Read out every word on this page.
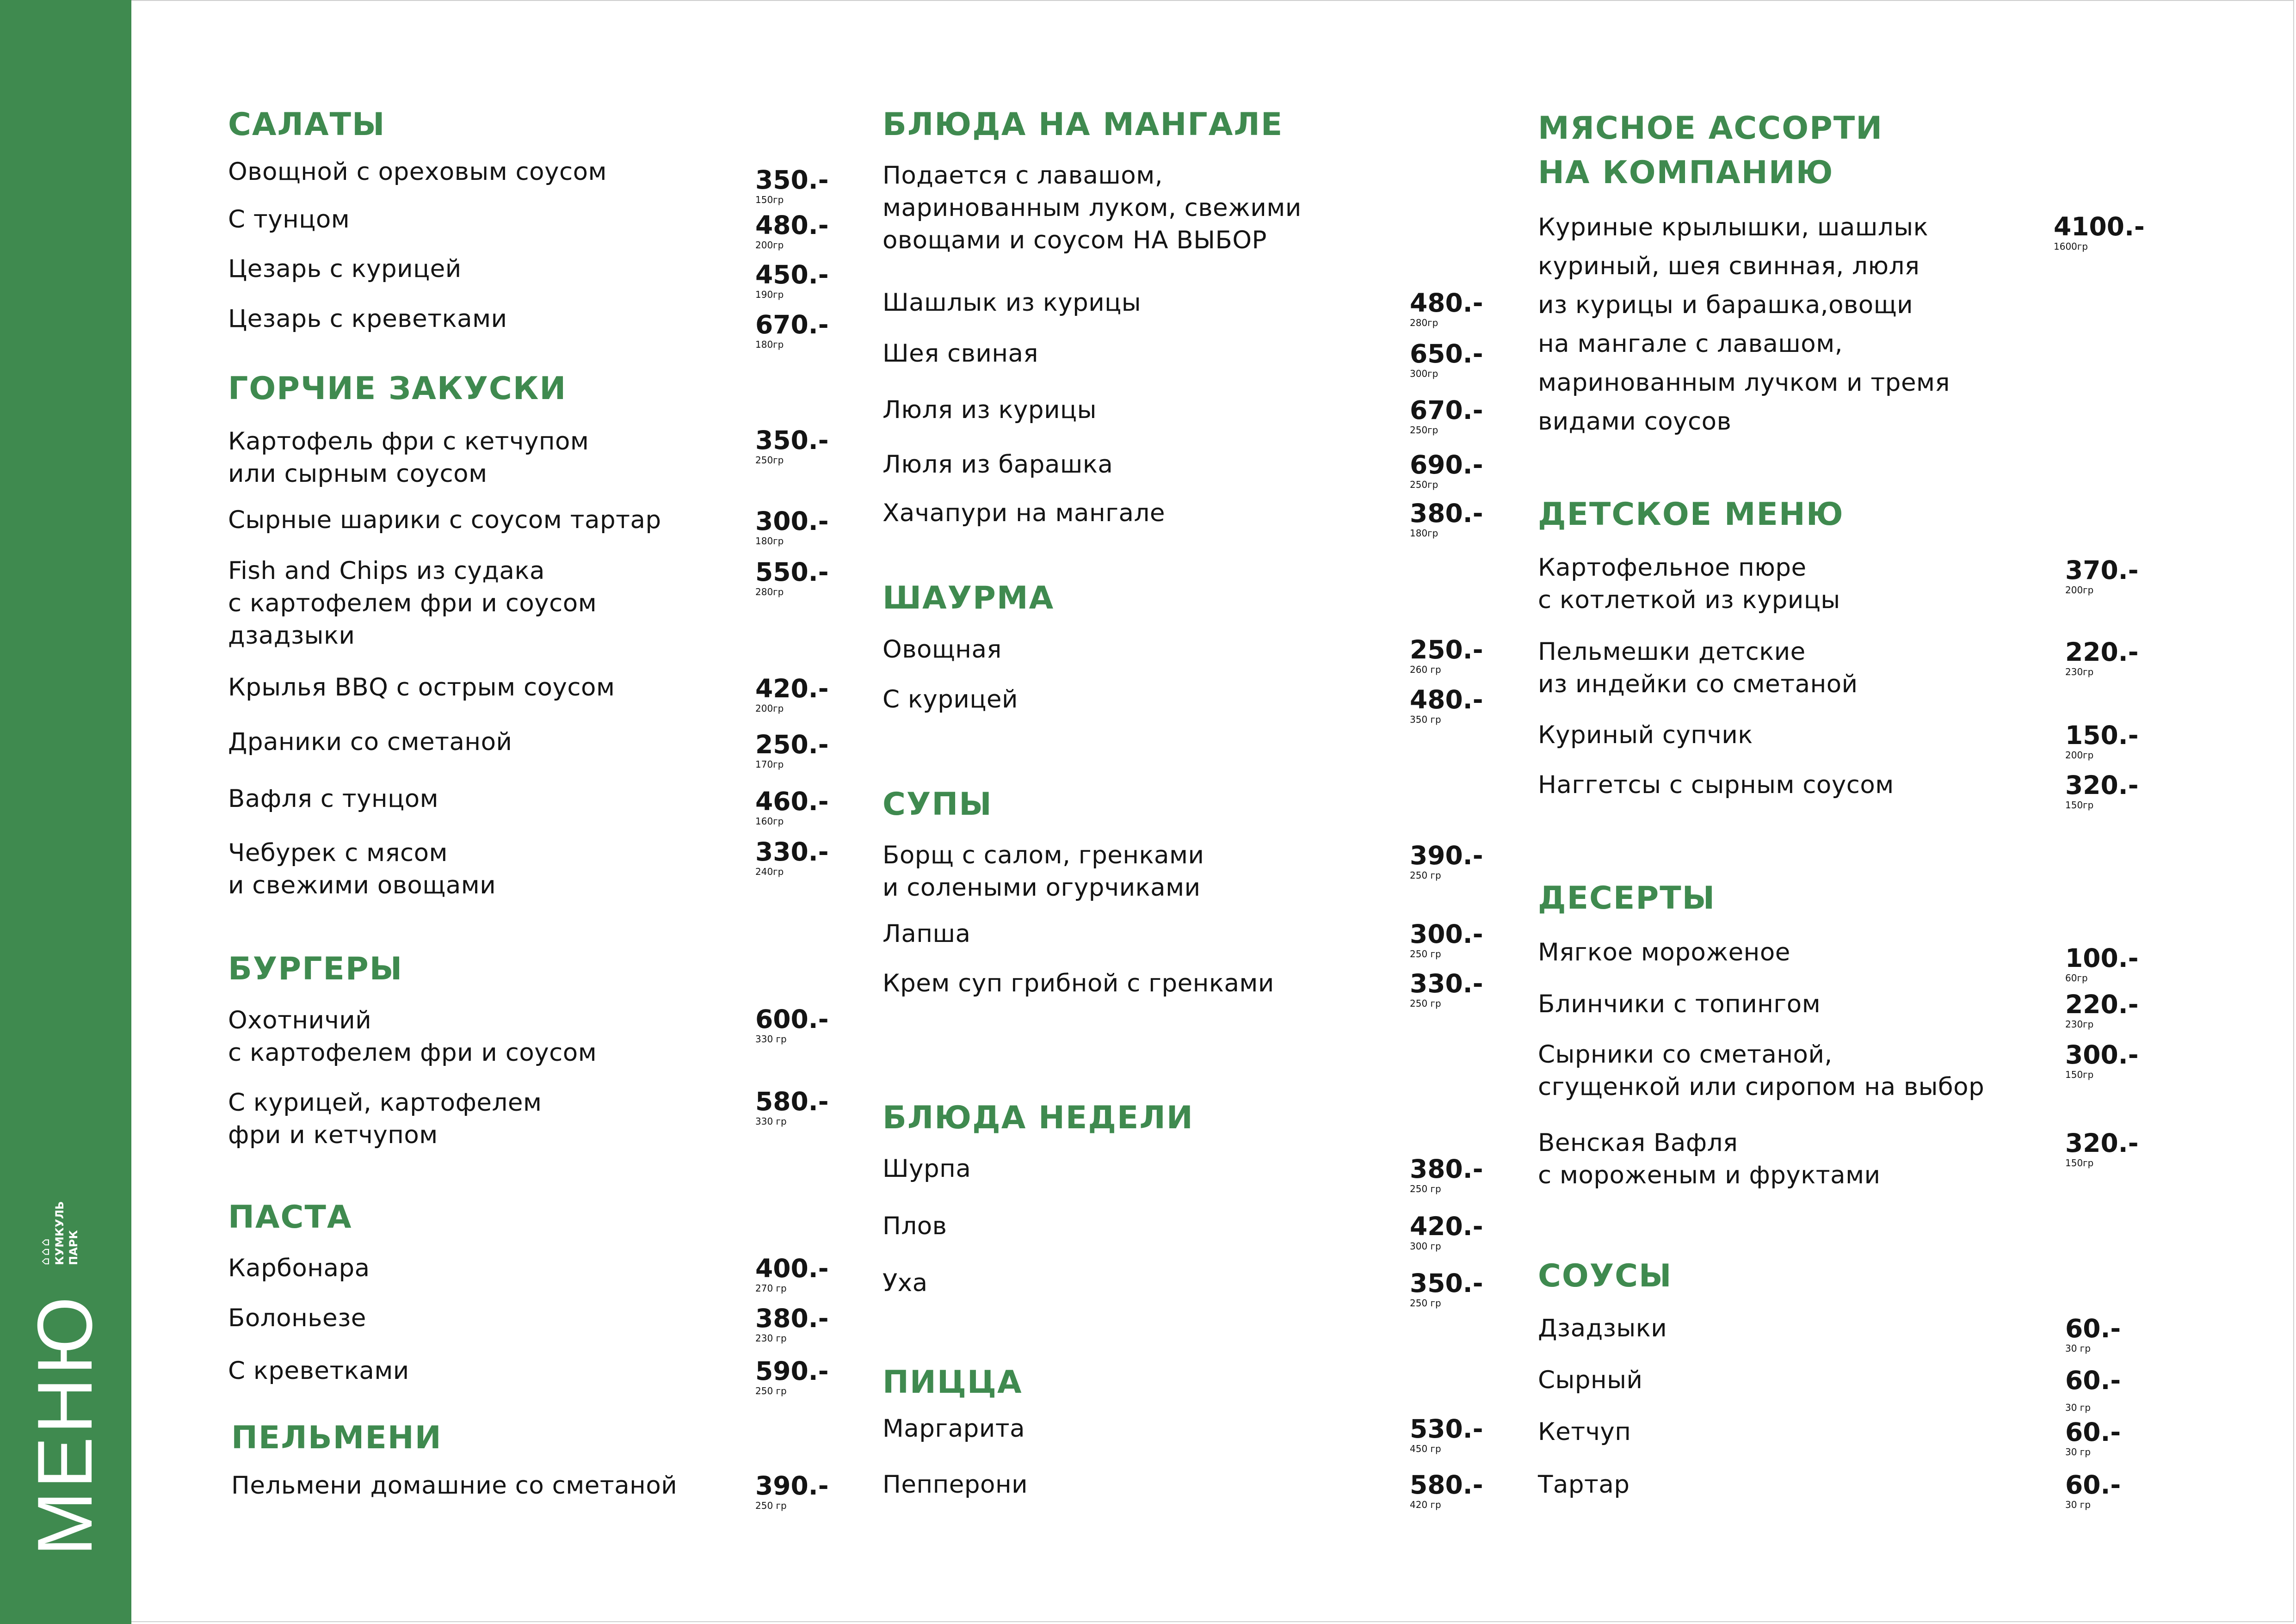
МЕНЮ
⌂⌂⌂ КУМКУЛЬ ПАРК
САЛАТЫ
Овощной с ореховым соусом	350.-
150гр
С тунцом	480.-
200гр
Цезарь с курицей	450.-
190гр
Цезарь с креветками	670.-
180гр
ГОРЧИЕ ЗАКУСКИ
Картофель фри с кетчупом
или сырным соусом
350.-
250гр
Сырные шарики с соусом тартар	300.-
180гр
Fish and Chips из судака
с картофелем фри и соусом
дзадзыки
550.-
280гр
Крылья BBQ с острым соусом	420.-
200гр
Драники со сметаной	250.-
170гр
Вафля с тунцом	460.-
160гр
Чебурек с мясом
и свежими овощами
330.-
240гр
БУРГЕРЫ
Охотничий
с картофелем фри и соусом
600.-
330 гр
С курицей, картофелем
фри и кетчупом
580.-
330 гр
ПАСТА
Карбонара	400.-
270 гр
Болоньезе	380.-
230 гр
С креветками	590.-
250 гр
ПЕЛЬМЕНИ
Пельмени домашние со сметаной	390.-
250 гр
БЛЮДА НА МАНГАЛЕ
Подается с лавашом,
маринованным луком, свежими
овощами и соусом НА ВЫБОР
Шашлык из курицы	480.-
280гр
Шея свиная	650.-
300гр
Люля из курицы	670.-
250гр
Люля из барашка	690.-
250гр
Хачапури на мангале	380.-
180гр
ШАУРМА
Овощная	250.-
260 гр
С курицей	480.-
350 гр
СУПЫ
Борщ с салом, гренками
и солеными огурчиками
390.-
250 гр
Лапша	300.-
250 гр
Крем суп грибной с гренками	330.-
250 гр
БЛЮДА НЕДЕЛИ
Шурпа	380.-
250 гр
Плов	420.-
300 гр
Уха	350.-
250 гр
ПИЦЦА
Маргарита	530.-
450 гр
Пепперони	580.-
420 гр
МЯСНОЕ АССОРТИ
НА КОМПАНИЮ
Куриные крылышки, шашлык
куриный, шея свинная, люля
из курицы и барашка,овощи
на мангале с лавашом,
маринованным лучком и тремя
видами соусов
4100.-
1600гр
ДЕТСКОЕ МЕНЮ
Картофельное пюре
с котлеткой из курицы
370.-
200гр
Пельмешки детские
из индейки со сметаной
220.-
230гр
Куриный супчик	150.-
200гр
Наггетсы с сырным соусом	320.-
150гр
ДЕСЕРТЫ
Мягкое мороженое	100.-
60гр
Блинчики с топингом	220.-
230гр
Сырники со сметаной,
сгущенкой или сиропом на выбор
300.-
150гр
Венская Вафля
с мороженым и фруктами
320.-
150гр
СОУСЫ
Дзадзыки	60.-
30 гр
Сырный	60.-
30 гр
Кетчуп	60.-
30 гр
Тартар	60.-
30 гр
